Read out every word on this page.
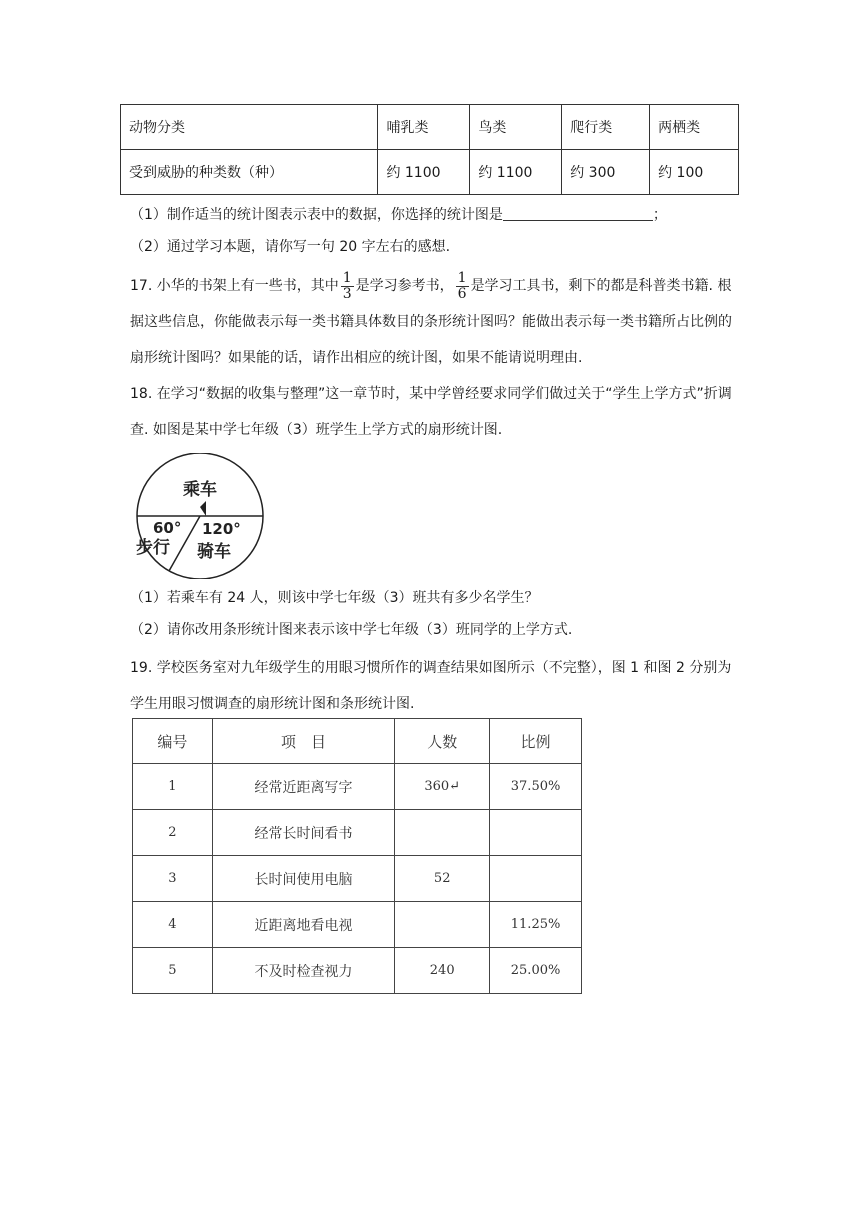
动物分类	哺乳类	鸟类	爬行类	两栖类
受到威胁的种类数（种）	约 1100	约 1100	约 300	约 100
（1）制作适当的统计图表示表中的数据，你选择的统计图是	；
（2）通过学习本题，请你写一句 20 字左右的感想.
17. 小华的书架上有一些书，其中 $\frac{1}{3}$ 是学习参考书， $\frac{1}{6}$ 是学习工具书，剩下的都是科普类书籍. 根据这些信息，你能做表示每一类书籍具体数目的条形统计图吗？能做出表示每一类书籍所占比例的扇形统计图吗？如果能的话，请作出相应的统计图，如果不能请说明理由.
18. 在学习“数据的收集与整理”这一章节时，某中学曾经要求同学们做过关于“学生上学方式”折调查. 如图是某中学七年级（3）班学生上学方式的扇形统计图.
乘车
60°
步行
120°
骑车
（1）若乘车有 24 人，则该中学七年级（3）班共有多少名学生？
（2）请你改用条形统计图来表示该中学七年级（3）班同学的上学方式.
19. 学校医务室对九年级学生的用眼习惯所作的调查结果如图所示（不完整），图 1 和图 2 分别为学生用眼习惯调查的扇形统计图和条形统计图.
编号	项　目	人数	比例
1	经常近距离写字	360↵	37.50%
2	经常长时间看书		
3	长时间使用电脑	52	
4	近距离地看电视		11.25%
5	不及时检查视力	240	25.00%
